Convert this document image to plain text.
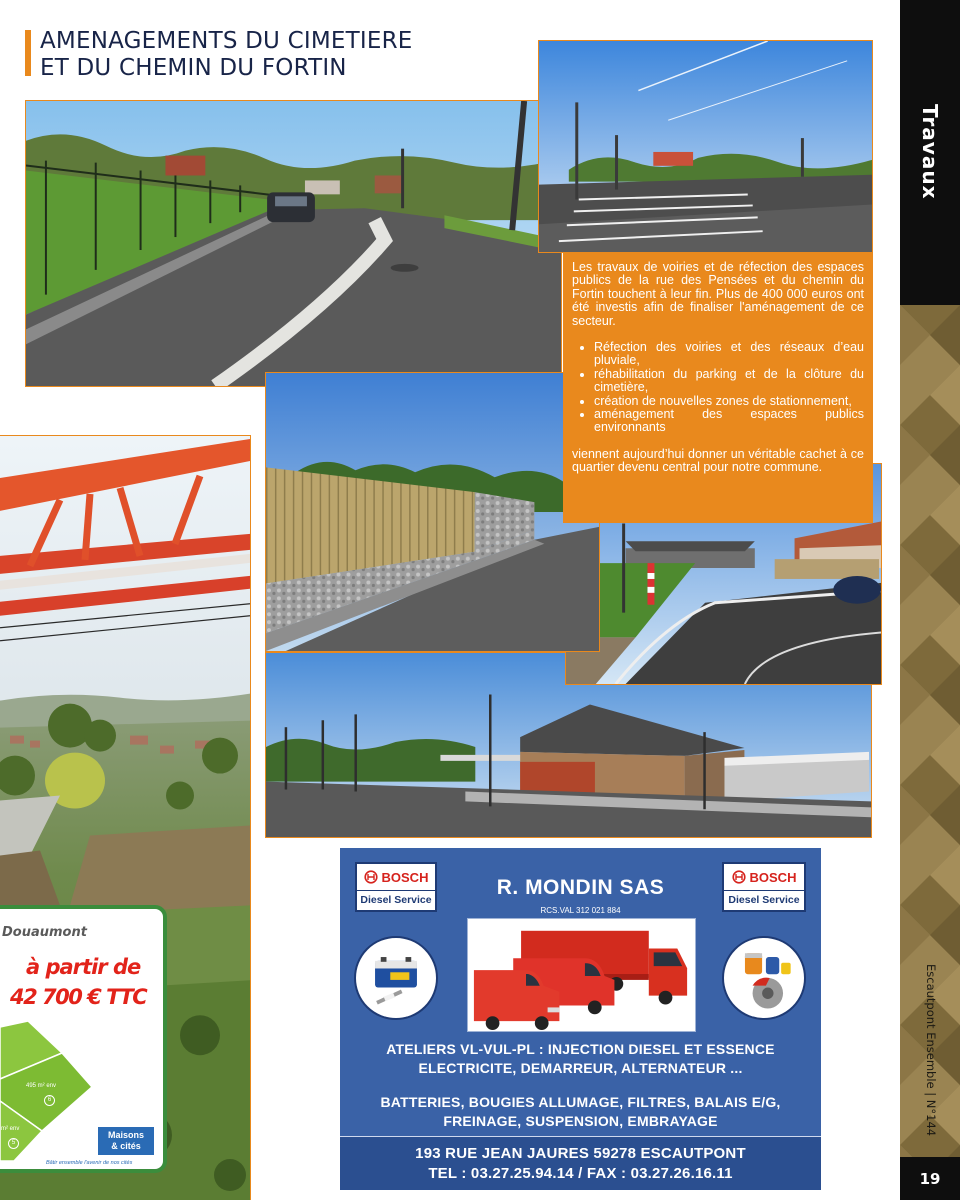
Travaux
Escautpont Ensemble | N°144
19
AMENAGEMENTS DU CIMETIERE
ET DU CHEMIN DU FORTIN

Les travaux de voiries et de réfection des espaces publics de la rue des Pensées et du chemin du Fortin touchent à leur fin. Plus de 400 000 euros ont été investis afin de finaliser l'aménagement de ce secteur.

• Réfection des voiries et des réseaux d’eau pluviale,
• réhabilitation du parking et de la clôture du cimetière,
• création de nouvelles zones de stationnement,
• aménagement des espaces publics environnants

viennent aujourd’hui donner un véritable cachet à ce quartier devenu central pour notre commune.

Douaumont
à partir de
42 700 € TTC
495 m² env
6
m² env
5
Maisons
& cités
Bâtir ensemble l'avenir de nos cités
BOSCH
Diesel Service
BOSCH
Diesel Service
R. MONDIN SAS
RCS.VAL 312 021 884
ATELIERS VL-VUL-PL : INJECTION DIESEL ET ESSENCE
ELECTRICITE, DEMARREUR, ALTERNATEUR ...
BATTERIES, BOUGIES ALLUMAGE, FILTRES, BALAIS E/G,
FREINAGE, SUSPENSION, EMBRAYAGE
193 RUE JEAN JAURES 59278 ESCAUTPONT
TEL : 03.27.25.94.14 / FAX : 03.27.26.16.11
